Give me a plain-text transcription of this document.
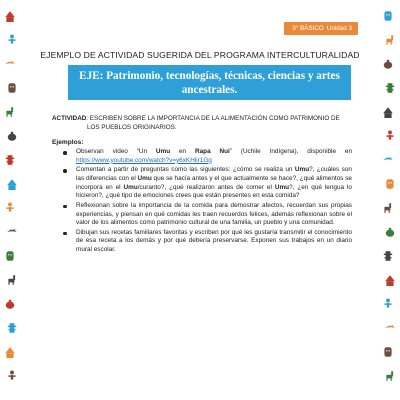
3° BÁSICO Unidad 3
EJEMPLO DE ACTIVIDAD SUGERIDA DEL PROGRAMA INTERCULTURALIDAD
EJE: Patrimonio, tecnologías, técnicas, ciencias y artes
ancestrales.
ACTIVIDAD: ESCRIBEN SOBRE LA IMPORTANCIA DE LA ALIMENTACIÓN COMO PATRIMONIO DE
LOS PUEBLOS ORIGINARIOS.
Ejemplos:
Observan video “Un Umu en Rapa Nui” (Uchile Indígena), disponible en https://www.youtube.com/watch?v=y6xKHlir1Gg
Comentan a partir de preguntas como las siguientes: ¿cómo se realiza un Umu?, ¿cuáles son las diferencias con el Umu que se hacía antes y el que actualmente se hace?, ¿qué alimentos se incorpora en el Umu/curanto?, ¿qué realizaron antes de comer el Umu?, ¿en qué lengua lo hicieron?, ¿qué tipo de emociones crees que están presentes en esta comida?
Reflexionan sobre la importancia de la comida para demostrar afectos, recuerdan sus propias experiencias, y piensan en qué comidas les traen recuerdos felices, además reflexionan sobre el valor de los alimentos como patrimonio cultural de una familia, un pueblo y una comunidad.
Dibujan sus recetas familiares favoritas y escriben por qué les gustaría transmitir el conocimiento de esa receta a los demás y por qué debería preservarse. Exponen sus trabajos en un diario mural escolar.
